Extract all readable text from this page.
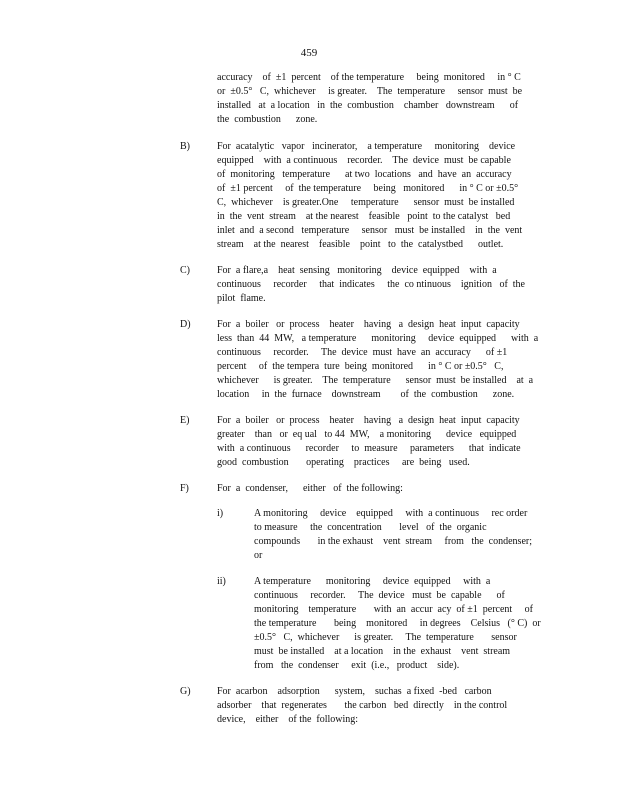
459
accuracy    of  ±1  percent    of the temperature     being  monitored     in ° C
or  ±0.5°   C,  whichever     is greater.    The  temperature     sensor  must  be
installed   at  a location   in  the  combustion    chamber   downstream      of
the  combustion      zone.
B)	For  acatalytic   vapor   incinerator,    a temperature     monitoring    device
equipped    with  a continuous    recorder.    The  device  must  be capable
of  monitoring   temperature      at two  locations   and  have  an  accuracy
of  ±1 percent     of  the temperature     being   monitored      in ° C or ±0.5°
C,  whichever    is greater.One     temperature      sensor  must  be installed
in  the  vent  stream    at the nearest    feasible   point  to the catalyst   bed
inlet  and  a second   temperature     sensor   must  be installed    in  the  vent
stream    at the  nearest    feasible    point   to  the  catalystbed      outlet.
C)	For  a flare,a    heat  sensing   monitoring    device  equipped    with  a
continuous     recorder     that  indicates     the  co ntinuous    ignition   of  the
pilot  flame.
D)	For  a  boiler   or  process    heater    having   a  design  heat  input  capacity
less  than  44  MW,   a temperature      monitoring     device  equipped      with  a
continuous     recorder.     The  device  must  have  an  accuracy      of ±1
percent     of  the tempera  ture  being  monitored      in ° C or ±0.5°   C,
whichever      is greater.    The  temperature      sensor  must  be installed    at  a
location     in  the  furnace    downstream        of  the  combustion      zone.
E)	For  a  boiler   or  process    heater    having   a  design  heat  input  capacity
greater    than   or  eq ual   to 44  MW,    a monitoring      device   equipped
with  a continuous      recorder     to  measure     parameters      that  indicate
good  combustion       operating    practices     are  being   used.
F)	For  a  condenser,      either   of  the following:
i)	A monitoring     device    equipped     with  a continuous     rec order
to measure     the  concentration       level   of  the  organic
compounds       in the exhaust    vent  stream     from   the  condenser;
or
ii)	A temperature      monitoring     device  equipped     with  a
continuous     recorder.     The  device   must  be  capable      of
monitoring    temperature       with  an  accur  acy  of ±1  percent     of
the temperature       being    monitored     in degrees    Celsius   (° C)  or
±0.5°   C,  whichever      is greater.     The  temperature       sensor
must  be installed    at a location    in the  exhaust    vent  stream
from   the  condenser     exit  (i.e.,   product    side).
G)	For  acarbon    adsorption      system,    suchas  a fixed  -bed   carbon
adsorber    that  regenerates       the carbon   bed  directly    in the control
device,    either    of the  following:
